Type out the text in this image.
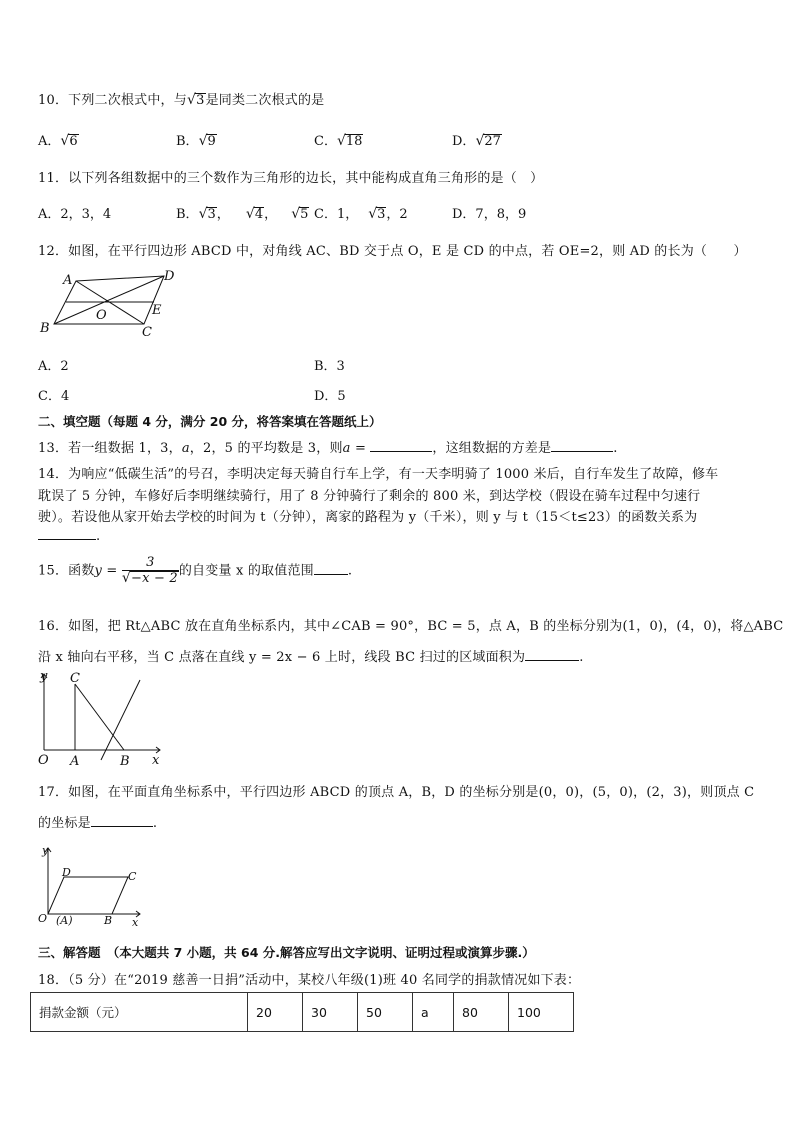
10．下列二次根式中，与√3是同类二次根式的是
A．√6	B．√9	C．√18	D．√27
11．以下列各组数据中的三个数作为三角形的边长，其中能构成直角三角形的是（　）
A．2，3，4	B．√3， √4， √5 C．1， √3，2	D．7，8，9
12．如图，在平行四边形 ABCD 中，对角线 AC、BD 交于点 O，E 是 CD 的中点，若 OE=2，则 AD 的长为（　　）
A	D
B	C
O	E
A．2	B．3
C．4	D．5
二、填空题（每题 4 分，满分 20 分，将答案填在答题纸上）
13．若一组数据 1，3，a，2，5 的平均数是 3，则a =	，这组数据的方差是	.
14．为响应“低碳生活”的号召，李明决定每天骑自行车上学，有一天李明骑了 1000 米后，自行车发生了故障，修车
耽误了 5 分钟，车修好后李明继续骑行，用了 8 分钟骑行了剩余的 800 米，到达学校（假设在骑车过程中匀速行
驶）。若设他从家开始去学校的时间为 t（分钟），离家的路程为 y（千米），则 y 与 t（15＜t≤23）的函数关系为
.
15．函数$y = \frac{3}{√-x - 2}$ 的自变量 x 的取值范围	.
16．如图，把 Rt△ABC 放在直角坐标系内，其中∠CAB = 90°，BC = 5，点 A，B 的坐标分别为(1，0)，(4，0)，将△ABC
沿 x 轴向右平移，当 C 点落在直线 y = 2x − 6 上时，线段 BC 扫过的区域面积为	.
y
x
O A	B
C
17．如图，在平面直角坐标系中，平行四边形 ABCD 的顶点 A，B，D 的坐标分别是(0，0)，(5，0)，(2，3)，则顶点 C
的坐标是	.
y
x
O (A)	B
C
D
三、解答题　（本大题共 7 小题，共 64 分.解答应写出文字说明、证明过程或演算步骤.）
18．（5 分）在“2019 慈善一日捐”活动中，某校八年级(1)班 40 名同学的捐款情况如下表：
捐款金额（元）	20	30	50	a	80	100
